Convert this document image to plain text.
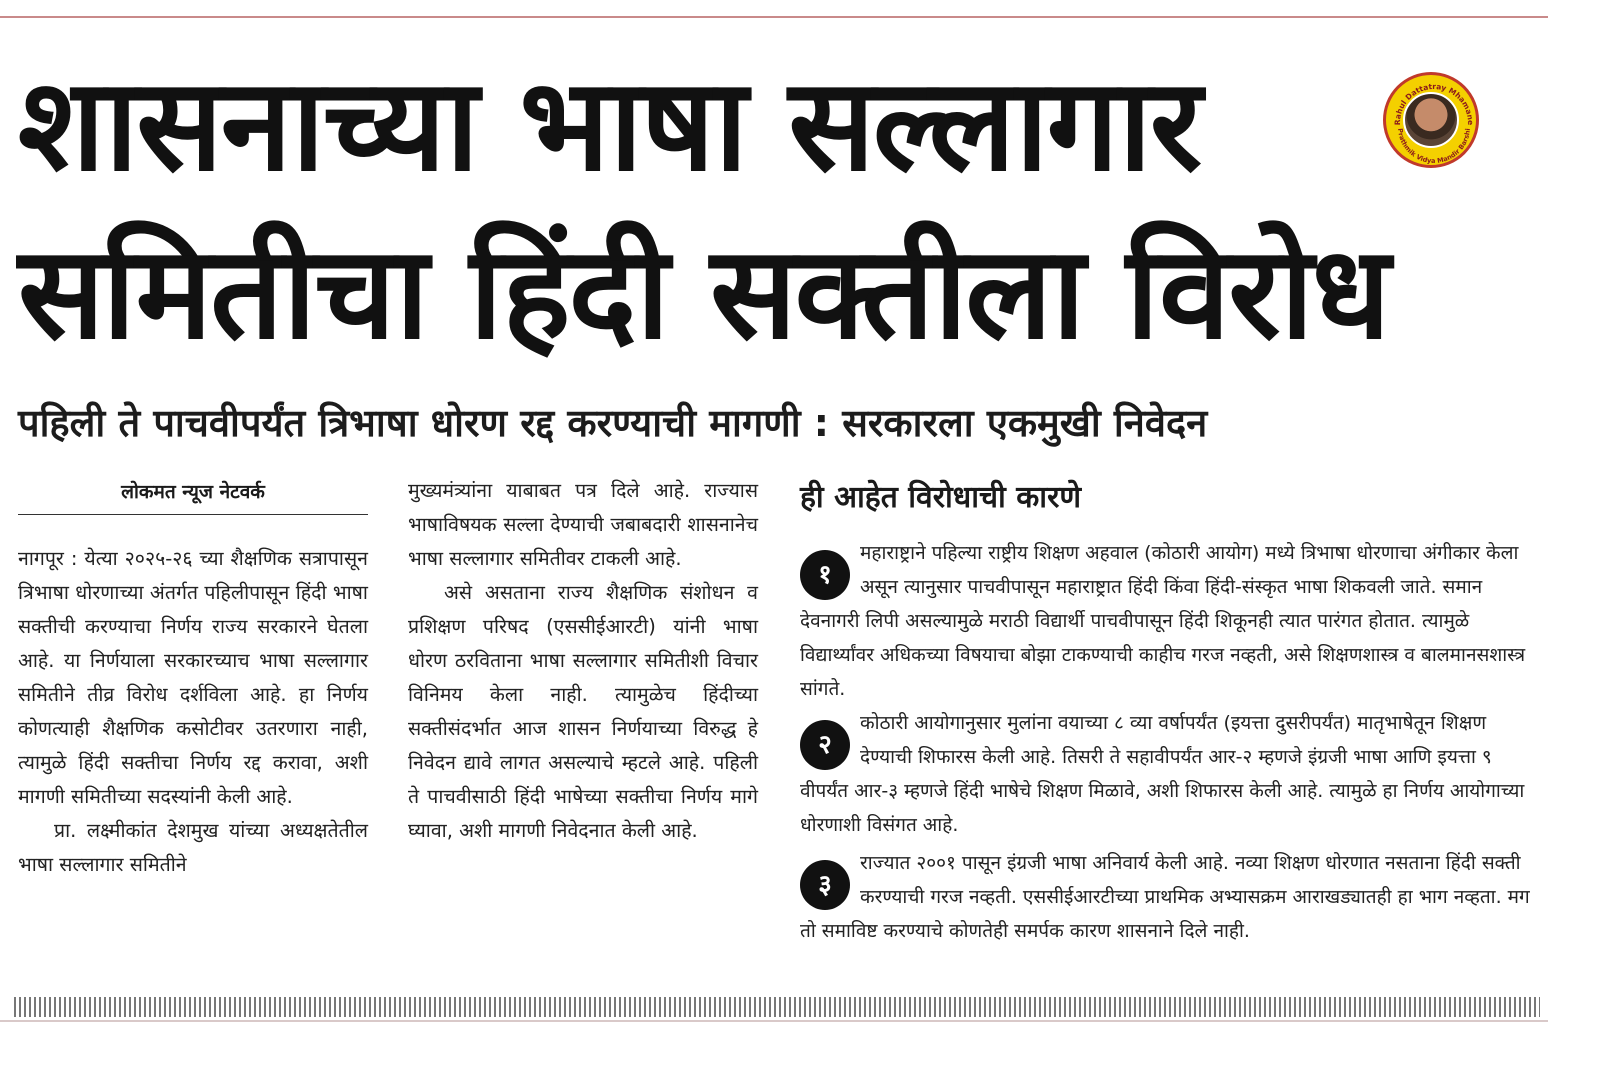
शासनाच्या भाषा सल्लागार
समितीचा हिंदी सक्तीला विरोध
Rahul Dattatray Mhamane
Prathmik Vidya Mandir Barshi
पहिली ते पाचवीपर्यंत त्रिभाषा धोरण रद्द करण्याची मागणी : सरकारला एकमुखी निवेदन
लोकमत न्यूज नेटवर्क

नागपूर : येत्या २०२५-२६ च्या शैक्षणिक सत्रापासून त्रिभाषा धोरणाच्या अंतर्गत पहिलीपासून हिंदी भाषा सक्तीची करण्याचा निर्णय राज्य सरकारने घेतला आहे. या निर्णयाला सरकारच्याच भाषा सल्लागार समितीने तीव्र विरोध दर्शविला आहे. हा निर्णय कोणत्याही शैक्षणिक कसोटीवर उतरणारा नाही, त्यामुळे हिंदी सक्तीचा निर्णय रद्द करावा, अशी मागणी समितीच्या सदस्यांनी केली आहे.

प्रा. लक्ष्मीकांत देशमुख यांच्या अध्यक्षतेतील भाषा सल्लागार समितीने

मुख्यमंत्र्यांना याबाबत पत्र दिले आहे. राज्यास भाषाविषयक सल्ला देण्याची जबाबदारी शासनानेच भाषा सल्लागार समितीवर टाकली आहे.

असे असताना राज्य शैक्षणिक संशोधन व प्रशिक्षण परिषद (एससीईआरटी) यांनी भाषा धोरण ठरविताना भाषा सल्लागार समितीशी विचार विनिमय केला नाही. त्यामुळेच हिंदीच्या सक्तीसंदर्भात आज शासन निर्णयाच्या विरुद्ध हे निवेदन द्यावे लागत असल्याचे म्हटले आहे. पहिली ते पाचवीसाठी हिंदी भाषेच्या सक्तीचा निर्णय मागे घ्यावा, अशी मागणी निवेदनात केली आहे.

ही आहेत विरोधाची कारणे
१
महाराष्ट्राने पहिल्या राष्ट्रीय शिक्षण अहवाल (कोठारी आयोग) मध्ये त्रिभाषा धोरणाचा अंगीकार केला असून त्यानुसार पाचवीपासून महाराष्ट्रात हिंदी किंवा हिंदी-संस्कृत भाषा शिकवली जाते. समान देवनागरी लिपी असल्यामुळे मराठी विद्यार्थी पाचवीपासून हिंदी शिकूनही त्यात पारंगत होतात. त्यामुळे विद्यार्थ्यांवर अधिकच्या विषयाचा बोझा टाकण्याची काहीच गरज नव्हती, असे शिक्षणशास्त्र व बालमानसशास्त्र सांगते.
२
कोठारी आयोगानुसार मुलांना वयाच्या ८ व्या वर्षापर्यंत (इयत्ता दुसरीपर्यंत) मातृभाषेतून शिक्षण देण्याची शिफारस केली आहे. तिसरी ते सहावीपर्यंत आर-२ म्हणजे इंग्रजी भाषा आणि इयत्ता ९ वीपर्यंत आर-३ म्हणजे हिंदी भाषेचे शिक्षण मिळावे, अशी शिफारस केली आहे. त्यामुळे हा निर्णय आयोगाच्या धोरणाशी विसंगत आहे.
३
राज्यात २००१ पासून इंग्रजी भाषा अनिवार्य केली आहे. नव्या शिक्षण धोरणात नसताना हिंदी सक्ती करण्याची गरज नव्हती. एससीईआरटीच्या प्राथमिक अभ्यासक्रम आराखड्यातही हा भाग नव्हता. मग तो समाविष्ट करण्याचे कोणतेही समर्पक कारण शासनाने दिले नाही.
